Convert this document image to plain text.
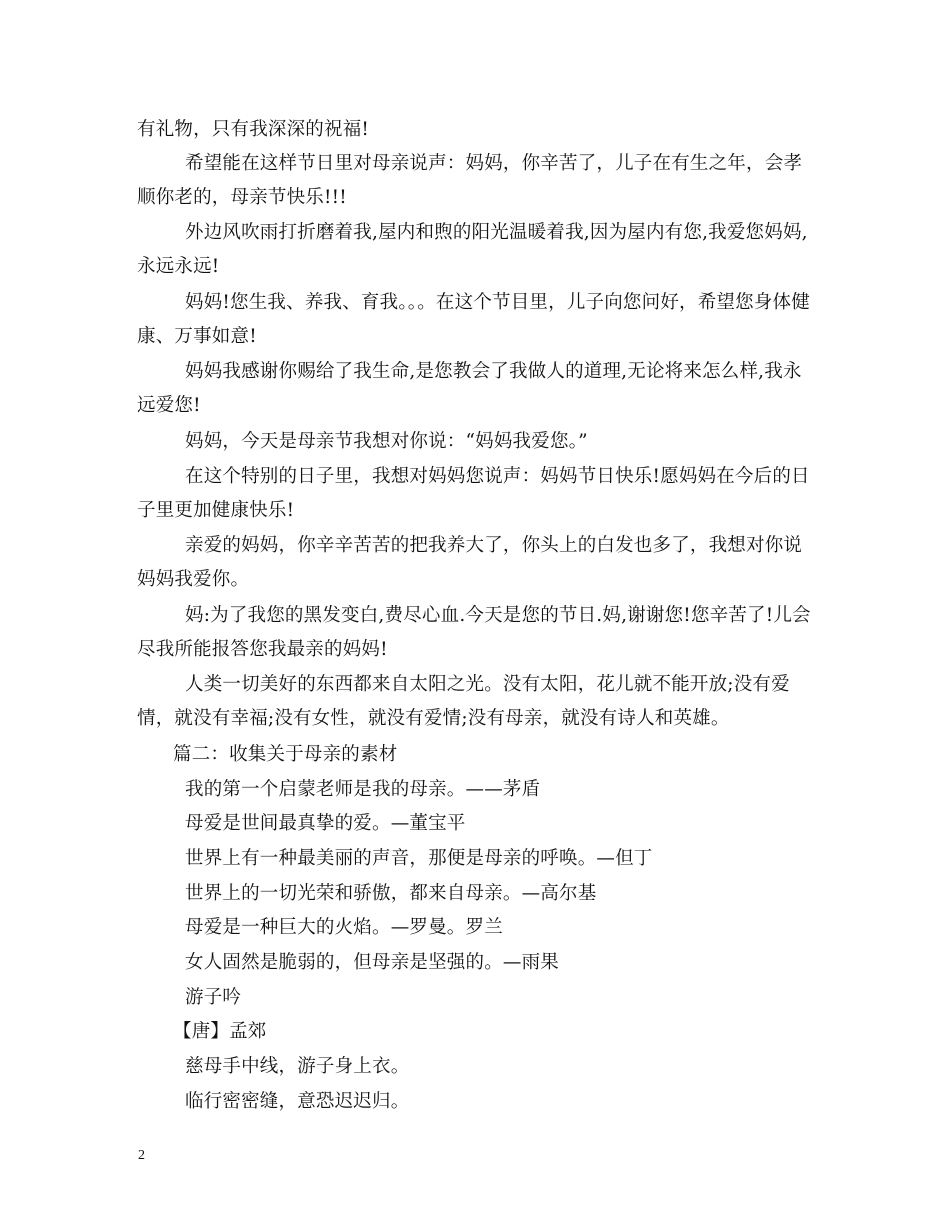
有礼物，只有我深深的祝福!

希望能在这样节日里对母亲说声：妈妈，你辛苦了，儿子在有生之年，会孝顺你老的，母亲节快乐!!!

外边风吹雨打折磨着我,屋内和煦的阳光温暖着我,因为屋内有您,我爱您妈妈,永远永远!

妈妈!您生我、养我、育我。。。在这个节目里，儿子向您问好，希望您身体健康、万事如意!

妈妈我感谢你赐给了我生命,是您教会了我做人的道理,无论将来怎么样,我永远爱您!

妈妈，今天是母亲节我想对你说：“妈妈我爱您。”

在这个特别的日子里，我想对妈妈您说声：妈妈节日快乐!愿妈妈在今后的日子里更加健康快乐!

亲爱的妈妈，你辛辛苦苦的把我养大了，你头上的白发也多了，我想对你说妈妈我爱你。

妈:为了我您的黑发变白,费尽心血.今天是您的节日.妈,谢谢您!您辛苦了!儿会尽我所能报答您我最亲的妈妈!

人类一切美好的东西都来自太阳之光。没有太阳，花儿就不能开放;没有爱情，就没有幸福;没有女性，就没有爱情;没有母亲，就没有诗人和英雄。

篇二：收集关于母亲的素材

我的第一个启蒙老师是我的母亲。——茅盾

母爱是世间最真挚的爱。—董宝平

世界上有一种最美丽的声音，那便是母亲的呼唤。—但丁

世界上的一切光荣和骄傲，都来自母亲。—高尔基

母爱是一种巨大的火焰。—罗曼。罗兰

女人固然是脆弱的，但母亲是坚强的。—雨果

游子吟

【唐】孟郊

慈母手中线，游子身上衣。

临行密密缝，意恐迟迟归。

2
